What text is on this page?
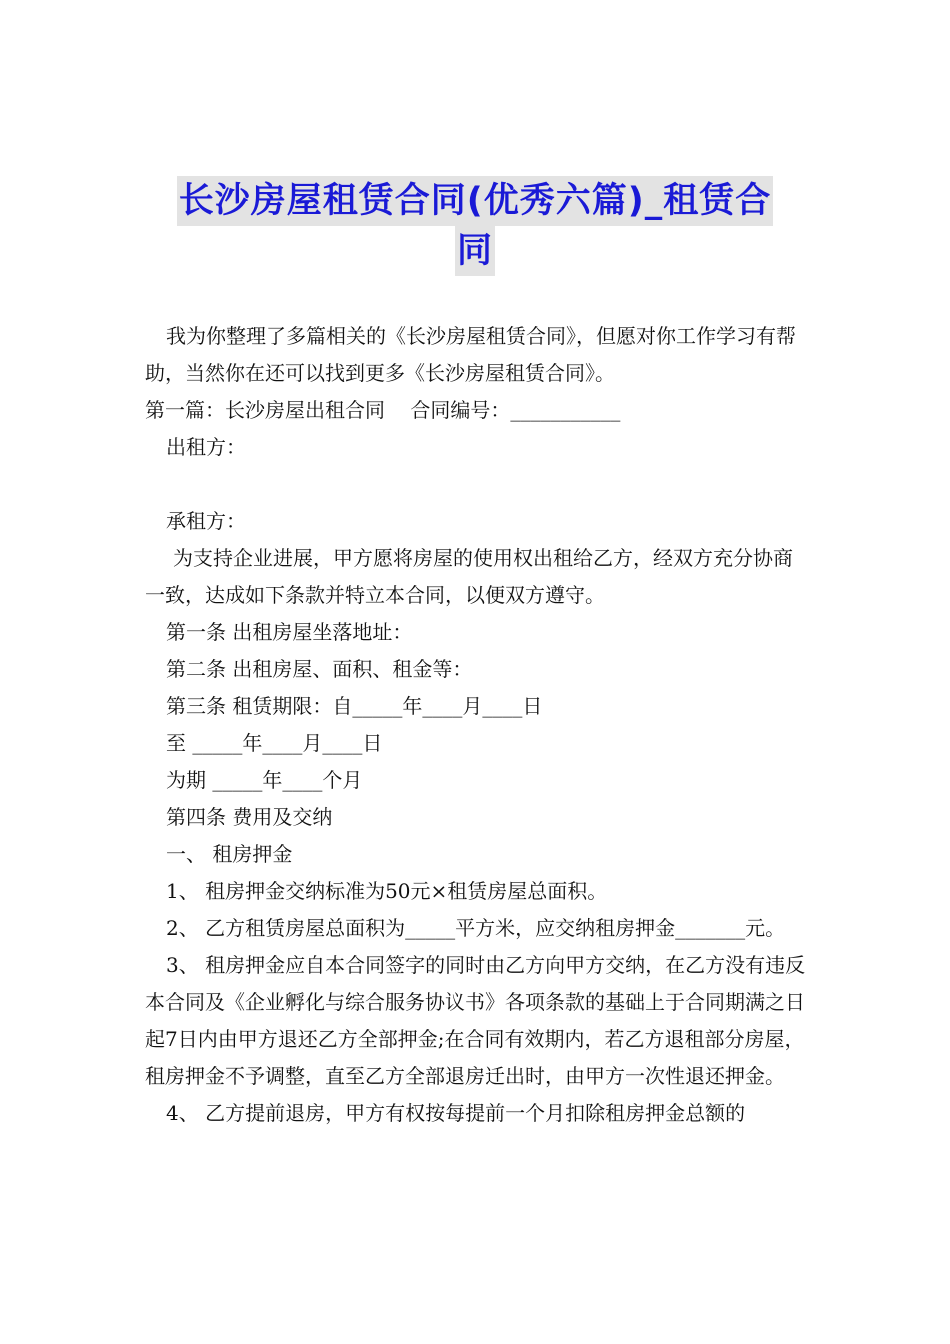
长沙房屋租赁合同(优秀六篇)_租赁合
同

我为你整理了多篇相关的《长沙房屋租赁合同》，但愿对你工作学习有帮助，当然你在还可以找到更多《长沙房屋租赁合同》。

第一篇：长沙房屋出租合同    合同编号：___________

出租方：

承租方：

为支持企业进展，甲方愿将房屋的使用权出租给乙方，经双方充分协商一致，达成如下条款并特立本合同，以便双方遵守。

第一条 出租房屋坐落地址：

第二条 出租房屋、面积、租金等：

第三条 租赁期限：自_____年____月____日

至 _____年____月____日

为期 _____年____个月

第四条 费用及交纳

一、 租房押金

1、 租房押金交纳标准为50元×租赁房屋总面积。

2、 乙方租赁房屋总面积为_____平方米，应交纳租房押金_______元。

3、 租房押金应自本合同签字的同时由乙方向甲方交纳，在乙方没有违反本合同及《企业孵化与综合服务协议书》各项条款的基础上于合同期满之日起7日内由甲方退还乙方全部押金;在合同有效期内，若乙方退租部分房屋，租房押金不予调整，直至乙方全部退房迁出时，由甲方一次性退还押金。

4、 乙方提前退房，甲方有权按每提前一个月扣除租房押金总额的
